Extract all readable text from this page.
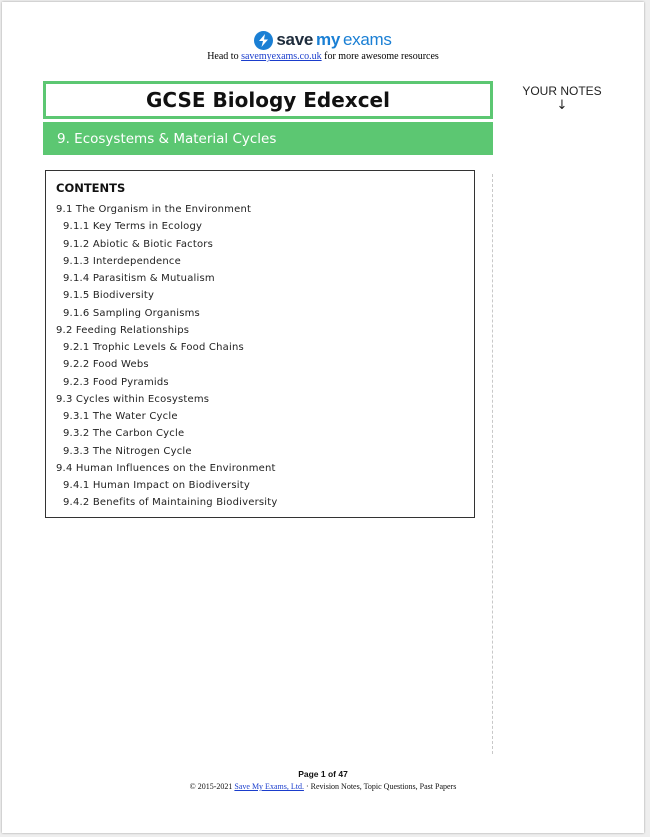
save my exams
Head to savemyexams.co.uk for more awesome resources
GCSE Biology Edexcel
9. Ecosystems & Material Cycles
YOUR NOTES
↓
CONTENTS
9.1 The Organism in the Environment
9.1.1 Key Terms in Ecology
9.1.2 Abiotic & Biotic Factors
9.1.3 Interdependence
9.1.4 Parasitism & Mutualism
9.1.5 Biodiversity
9.1.6 Sampling Organisms
9.2 Feeding Relationships
9.2.1 Trophic Levels & Food Chains
9.2.2 Food Webs
9.2.3 Food Pyramids
9.3 Cycles within Ecosystems
9.3.1 The Water Cycle
9.3.2 The Carbon Cycle
9.3.3 The Nitrogen Cycle
9.4 Human Influences on the Environment
9.4.1 Human Impact on Biodiversity
9.4.2 Benefits of Maintaining Biodiversity
Page 1 of 47
© 2015-2021 Save My Exams, Ltd. · Revision Notes, Topic Questions, Past Papers
